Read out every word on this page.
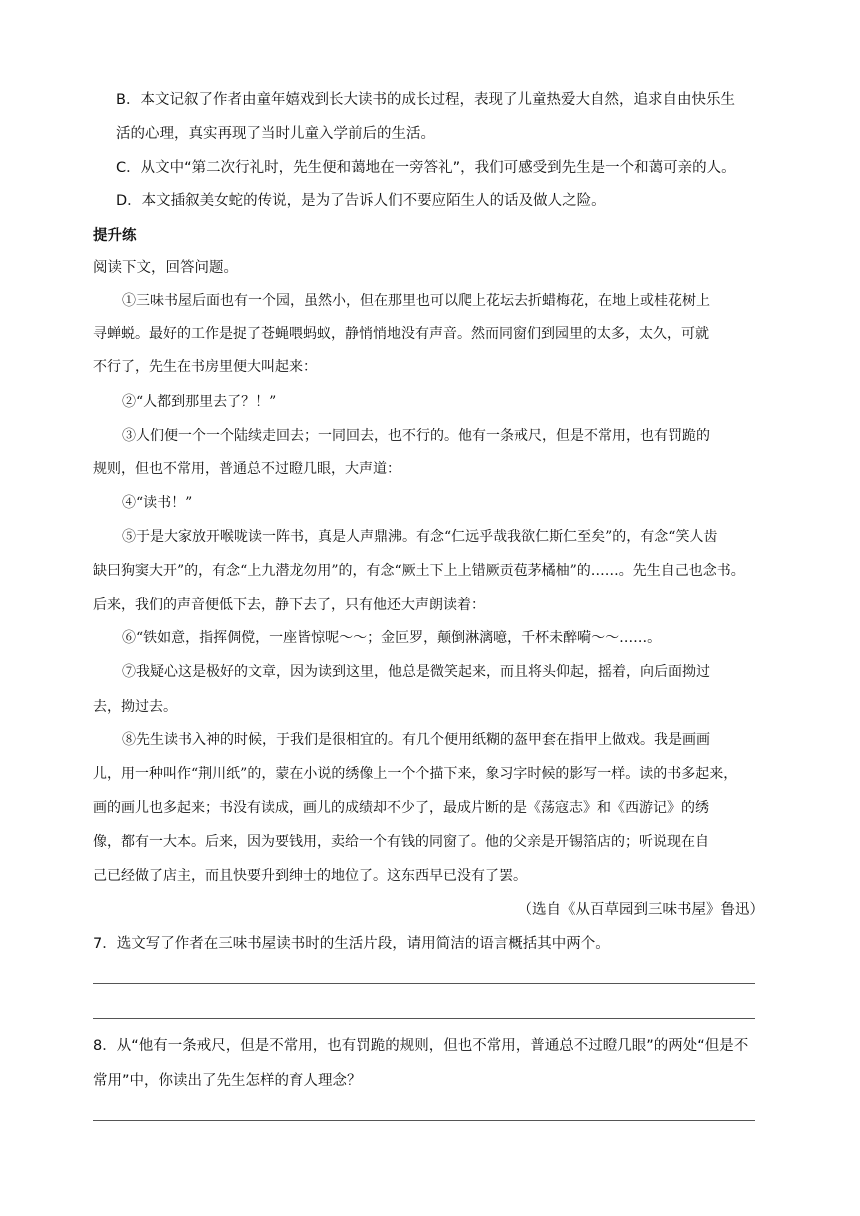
B．本文记叙了作者由童年嬉戏到长大读书的成长过程，表现了儿童热爱大自然，追求自由快乐生
活的心理，真实再现了当时儿童入学前后的生活。
C．从文中“第二次行礼时，先生便和蔼地在一旁答礼”，我们可感受到先生是一个和蔼可亲的人。
D．本文插叙美女蛇的传说，是为了告诉人们不要应陌生人的话及做人之险。
提升练
阅读下文，回答问题。
①三味书屋后面也有一个园，虽然小，但在那里也可以爬上花坛去折蜡梅花，在地上或桂花树上
寻蝉蜕。最好的工作是捉了苍蝇喂蚂蚁，静悄悄地没有声音。然而同窗们到园里的太多，太久，可就
不行了，先生在书房里便大叫起来：
②“人都到那里去了？！”
③人们便一个一个陆续走回去；一同回去，也不行的。他有一条戒尺，但是不常用，也有罚跪的
规则，但也不常用，普通总不过瞪几眼，大声道：
④“读书！”
⑤于是大家放开喉咙读一阵书，真是人声鼎沸。有念“仁远乎哉我欲仁斯仁至矣”的，有念“笑人齿
缺曰狗窦大开”的，有念“上九潜龙勿用”的，有念“厥土下上上错厥贡苞茅橘柚”的……。先生自己也念书。
后来，我们的声音便低下去，静下去了，只有他还大声朗读着：
⑥“铁如意，指挥倜傥，一座皆惊呢～～；金叵罗，颠倒淋漓噫，千杯未醉嗬～～……。
⑦我疑心这是极好的文章，因为读到这里，他总是微笑起来，而且将头仰起，摇着，向后面拗过
去，拗过去。
⑧先生读书入神的时候，于我们是很相宜的。有几个便用纸糊的盔甲套在指甲上做戏。我是画画
儿，用一种叫作“荆川纸”的，蒙在小说的绣像上一个个描下来，象习字时候的影写一样。读的书多起来，
画的画儿也多起来；书没有读成，画儿的成绩却不少了，最成片断的是《荡寇志》和《西游记》的绣
像，都有一大本。后来，因为要钱用，卖给一个有钱的同窗了。他的父亲是开锡箔店的；听说现在自
己已经做了店主，而且快要升到绅士的地位了。这东西早已没有了罢。
（选自《从百草园到三味书屋》鲁迅）
7．选文写了作者在三味书屋读书时的生活片段，请用简洁的语言概括其中两个。
8．从“他有一条戒尺，但是不常用，也有罚跪的规则，但也不常用，普通总不过瞪几眼”的两处“但是不
常用”中，你读出了先生怎样的育人理念？
